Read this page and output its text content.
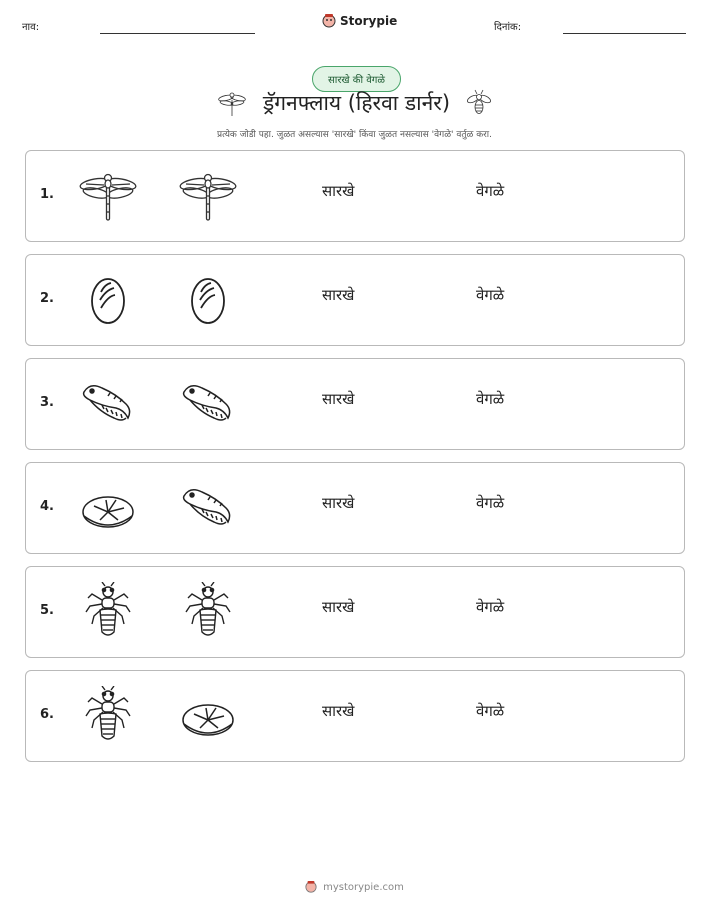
नाव:	Storypie	दिनांक:
सारखे की वेगळे
ड्रॅगनफ्लाय (हिरवा डार्नर)
प्रत्येक जोडी पहा. जुळत असल्यास 'सारखे' किंवा जुळत नसल्यास 'वेगळे' वर्तुळ करा.
1.	सारखे	वेगळे
2.	सारखे	वेगळे
3.	सारखे	वेगळे
4.	सारखे	वेगळे
5.	सारखे	वेगळे
6.	सारखे	वेगळे
mystorypie.com
